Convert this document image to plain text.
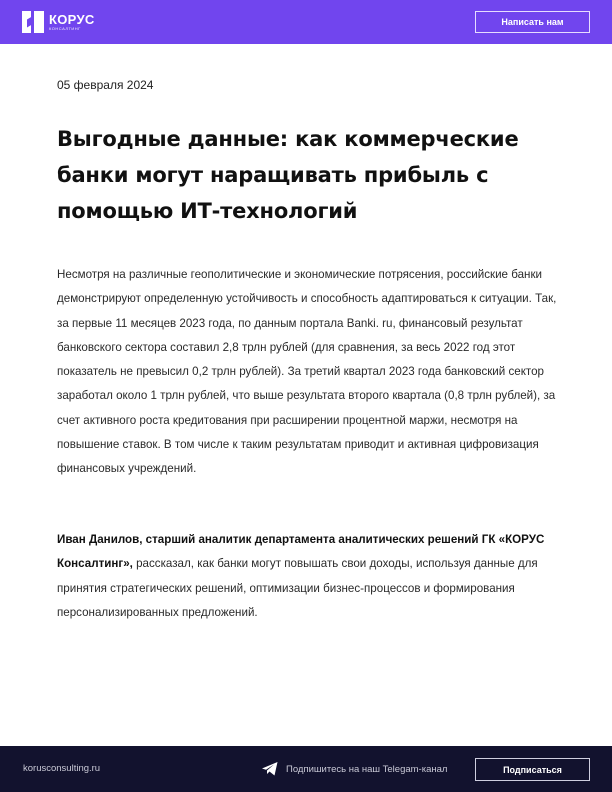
КОРУС
КОНСАЛТИНГ
Написать нам
05 февраля 2024
Выгодные данные: как коммерческие банки могут наращивать прибыль с помощью ИТ-технологий

Несмотря на различные геополитические и экономические потрясения, российские банки демонстрируют определенную устойчивость и способность адаптироваться к ситуации. Так, за первые 11 месяцев 2023 года, по данным портала Banki. ru, финансовый результат банковского сектора составил 2,8 трлн рублей (для сравнения, за весь 2022 год этот показатель не превысил 0,2 трлн рублей). За третий квартал 2023 года банковский сектор заработал около 1 трлн рублей, что выше результата второго квартала (0,8 трлн рублей), за счет активного роста кредитования при расширении процентной маржи, несмотря на повышение ставок. В том числе к таким результатам приводит и активная цифровизация финансовых учреждений.

Иван Данилов, старший аналитик департамента аналитических решений ГК «КОРУС Консалтинг», рассказал, как банки могут повышать свои доходы, используя данные для принятия стратегических решений, оптимизации бизнес-процессов и формирования персонализированных предложений.

korusconsulting.ru	Подпишитесь на наш Telegam-канал	Подписаться
